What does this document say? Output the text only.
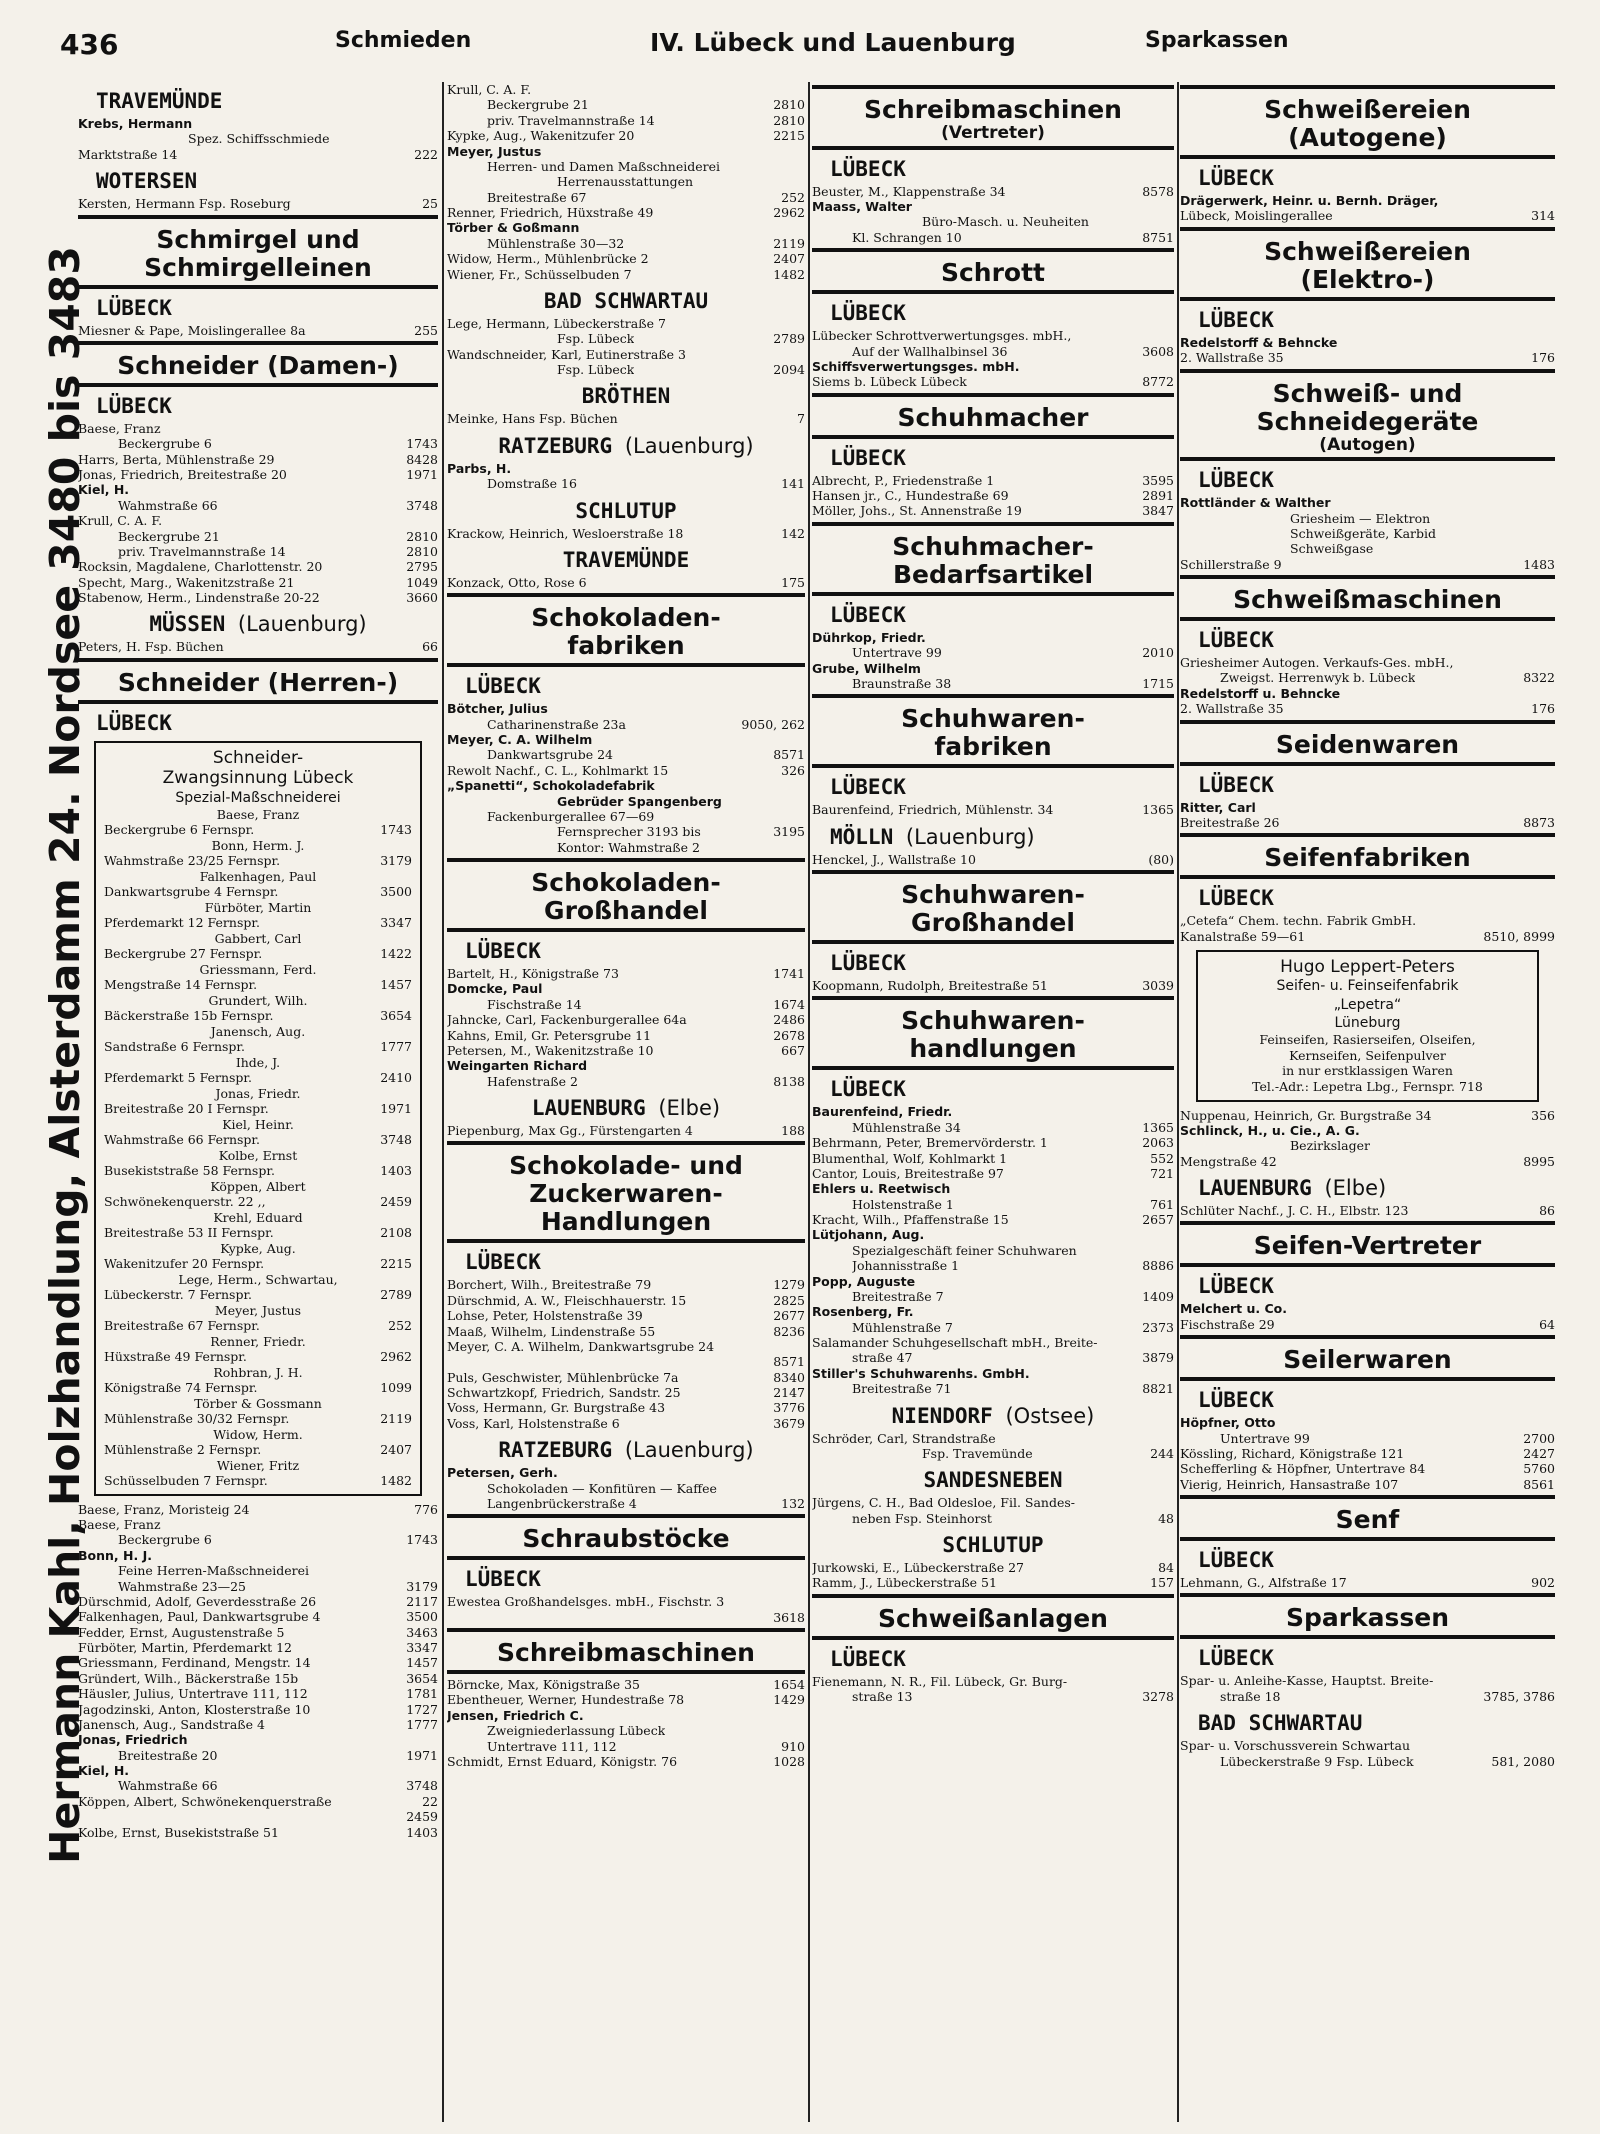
436	Schmieden	IV. Lübeck und Lauenburg	Sparkassen
Hermann Kahl, Holzhandlung, Alsterdamm 24. Nordsee 3480 bis 3483
TRAVEMÜNDE
Krebs, Hermann
Spez. Schiffsschmiede
Marktstraße 14	222
WOTERSEN
Kersten, Hermann Fsp. Roseburg	25
Schmirgel und
Schmirgelleinen
LÜBECK
Miesner & Pape, Moislingerallee 8a	255
Schneider (Damen-)
LÜBECK
Baese, Franz
Beckergrube 6	1743
Harrs, Berta, Mühlenstraße 29	8428
Jonas, Friedrich, Breitestraße 20	1971
Kiel, H.
Wahmstraße 66	3748
Krull, C. A. F.
Beckergrube 21	2810
priv. Travelmannstraße 14	2810
Rocksin, Magdalene, Charlottenstr. 20	2795
Specht, Marg., Wakenitzstraße 21	1049
Stabenow, Herm., Lindenstraße 20-22	3660
MÜSSEN (Lauenburg)
Peters, H. Fsp. Büchen	66
Schneider (Herren-)
LÜBECK
Schneider-
Zwangsinnung Lübeck
Spezial-Maßschneiderei
Baese, Franz
Beckergrube 6 Fernspr.	1743
Bonn, Herm. J.
Wahmstraße 23/25 Fernspr.	3179
Falkenhagen, Paul
Dankwartsgrube 4 Fernspr.	3500
Fürböter, Martin
Pferdemarkt 12 Fernspr.	3347
Gabbert, Carl
Beckergrube 27 Fernspr.	1422
Griessmann, Ferd.
Mengstraße 14 Fernspr.	1457
Grundert, Wilh.
Bäckerstraße 15b Fernspr.	3654
Janensch, Aug.
Sandstraße 6 Fernspr.	1777
Ihde, J.
Pferdemarkt 5 Fernspr.	2410
Jonas, Friedr.
Breitestraße 20 I Fernspr.	1971
Kiel, Heinr.
Wahmstraße 66 Fernspr.	3748
Kolbe, Ernst
Busekiststraße 58 Fernspr.	1403
Köppen, Albert
Schwönekenquerstr. 22 ,,	2459
Krehl, Eduard
Breitestraße 53 II Fernspr.	2108
Kypke, Aug.
Wakenitzufer 20 Fernspr.	2215
Lege, Herm., Schwartau,
Lübeckerstr. 7 Fernspr.	2789
Meyer, Justus
Breitestraße 67 Fernspr.	252
Renner, Friedr.
Hüxstraße 49 Fernspr.	2962
Rohbran, J. H.
Königstraße 74 Fernspr.	1099
Törber & Gossmann
Mühlenstraße 30/32 Fernspr.	2119
Widow, Herm.
Mühlenstraße 2 Fernspr.	2407
Wiener, Fritz
Schüsselbuden 7 Fernspr.	1482
Baese, Franz, Moristeig 24	776
Baese, Franz
Beckergrube 6	1743
Bonn, H. J.
Feine Herren-Maßschneiderei
Wahmstraße 23—25	3179
Dürschmid, Adolf, Geverdesstraße 26	2117
Falkenhagen, Paul, Dankwartsgrube 4	3500
Fedder, Ernst, Augustenstraße 5	3463
Fürböter, Martin, Pferdemarkt 12	3347
Griessmann, Ferdinand, Mengstr. 14	1457
Gründert, Wilh., Bäckerstraße 15b	3654
Häusler, Julius, Untertrave 111, 112	1781
Jagodzinski, Anton, Klosterstraße 10	1727
Janensch, Aug., Sandstraße 4	1777
Jonas, Friedrich
Breitestraße 20	1971
Kiel, H.
Wahmstraße 66	3748
Köppen, Albert, Schwönekenquerstraße	22
2459
Kolbe, Ernst, Busekiststraße 51	1403
Krull, C. A. F.
Beckergrube 21	2810
priv. Travelmannstraße 14	2810
Kypke, Aug., Wakenitzufer 20	2215
Meyer, Justus
Herren- und Damen Maßschneiderei
Herrenausstattungen
Breitestraße 67	252
Renner, Friedrich, Hüxstraße 49	2962
Törber & Goßmann
Mühlenstraße 30—32	2119
Widow, Herm., Mühlenbrücke 2	2407
Wiener, Fr., Schüsselbuden 7	1482
BAD SCHWARTAU
Lege, Hermann, Lübeckerstraße 7
Fsp. Lübeck	2789
Wandschneider, Karl, Eutinerstraße 3
Fsp. Lübeck	2094
BRÖTHEN
Meinke, Hans Fsp. Büchen	7
RATZEBURG (Lauenburg)
Parbs, H.
Domstraße 16	141
SCHLUTUP
Krackow, Heinrich, Wesloerstraße 18	142
TRAVEMÜNDE
Konzack, Otto, Rose 6	175
Schokoladen-
fabriken
LÜBECK
Bötcher, Julius
Catharinenstraße 23a	9050, 262
Meyer, C. A. Wilhelm
Dankwartsgrube 24	8571
Rewolt Nachf., C. L., Kohlmarkt 15	326
„Spanetti“, Schokoladefabrik
Gebrüder Spangenberg
Fackenburgerallee 67—69
Fernsprecher 3193 bis	3195
Kontor: Wahmstraße 2
Schokoladen-
Großhandel
LÜBECK
Bartelt, H., Königstraße 73	1741
Domcke, Paul
Fischstraße 14	1674
Jahncke, Carl, Fackenburgerallee 64a	2486
Kahns, Emil, Gr. Petersgrube 11	2678
Petersen, M., Wakenitzstraße 10	667
Weingarten Richard
Hafenstraße 2	8138
LAUENBURG (Elbe)
Piepenburg, Max Gg., Fürstengarten 4	188
Schokolade- und
Zuckerwaren-
Handlungen
LÜBECK
Borchert, Wilh., Breitestraße 79	1279
Dürschmid, A. W., Fleischhauerstr. 15	2825
Lohse, Peter, Holstenstraße 39	2677
Maaß, Wilhelm, Lindenstraße 55	8236
Meyer, C. A. Wilhelm, Dankwartsgrube 24
8571
Puls, Geschwister, Mühlenbrücke 7a	8340
Schwartzkopf, Friedrich, Sandstr. 25	2147
Voss, Hermann, Gr. Burgstraße 43	3776
Voss, Karl, Holstenstraße 6	3679
RATZEBURG (Lauenburg)
Petersen, Gerh.
Schokoladen — Konfitüren — Kaffee
Langenbrückerstraße 4	132
Schraubstöcke
LÜBECK
Ewestea Großhandelsges. mbH., Fischstr. 3
3618
Schreibmaschinen
Börncke, Max, Königstraße 35	1654
Ebentheuer, Werner, Hundestraße 78	1429
Jensen, Friedrich C.
Zweigniederlassung Lübeck
Untertrave 111, 112	910
Schmidt, Ernst Eduard, Königstr. 76	1028
Schreibmaschinen
(Vertreter)
LÜBECK
Beuster, M., Klappenstraße 34	8578
Maass, Walter
Büro-Masch. u. Neuheiten
Kl. Schrangen 10	8751
Schrott
LÜBECK
Lübecker Schrottverwertungsges. mbH.,
Auf der Wallhalbinsel 36	3608
Schiffsverwertungsges. mbH.
Siems b. Lübeck Lübeck	8772
Schuhmacher
LÜBECK
Albrecht, P., Friedenstraße 1	3595
Hansen jr., C., Hundestraße 69	2891
Möller, Johs., St. Annenstraße 19	3847
Schuhmacher-
Bedarfsartikel
LÜBECK
Dührkop, Friedr.
Untertrave 99	2010
Grube, Wilhelm
Braunstraße 38	1715
Schuhwaren-
fabriken
LÜBECK
Baurenfeind, Friedrich, Mühlenstr. 34	1365
MÖLLN (Lauenburg)
Henckel, J., Wallstraße 10	(80)
Schuhwaren-
Großhandel
LÜBECK
Koopmann, Rudolph, Breitestraße 51	3039
Schuhwaren-
handlungen
LÜBECK
Baurenfeind, Friedr.
Mühlenstraße 34	1365
Behrmann, Peter, Bremervörderstr. 1	2063
Blumenthal, Wolf, Kohlmarkt 1	552
Cantor, Louis, Breitestraße 97	721
Ehlers u. Reetwisch
Holstenstraße 1	761
Kracht, Wilh., Pfaffenstraße 15	2657
Lütjohann, Aug.
Spezialgeschäft feiner Schuhwaren
Johannisstraße 1	8886
Popp, Auguste
Breitestraße 7	1409
Rosenberg, Fr.
Mühlenstraße 7	2373
Salamander Schuhgesellschaft mbH., Breite-
straße 47	3879
Stiller's Schuhwarenhs. GmbH.
Breitestraße 71	8821
NIENDORF (Ostsee)
Schröder, Carl, Strandstraße
Fsp. Travemünde	244
SANDESNEBEN
Jürgens, C. H., Bad Oldesloe, Fil. Sandes-
neben Fsp. Steinhorst	48
SCHLUTUP
Jurkowski, E., Lübeckerstraße 27	84
Ramm, J., Lübeckerstraße 51	157
Schweißanlagen
LÜBECK
Fienemann, N. R., Fil. Lübeck, Gr. Burg-
straße 13	3278
Schweißereien
(Autogene)
LÜBECK
Drägerwerk, Heinr. u. Bernh. Dräger,
Lübeck, Moislingerallee	314
Schweißereien
(Elektro-)
LÜBECK
Redelstorff & Behncke
2. Wallstraße 35	176
Schweiß- und
Schneidegeräte
(Autogen)
LÜBECK
Rottländer & Walther
Griesheim — Elektron
Schweißgeräte, Karbid
Schweißgase
Schillerstraße 9	1483
Schweißmaschinen
LÜBECK
Griesheimer Autogen. Verkaufs-Ges. mbH.,
Zweigst. Herrenwyk b. Lübeck	8322
Redelstorff u. Behncke
2. Wallstraße 35	176
Seidenwaren
LÜBECK
Ritter, Carl
Breitestraße 26	8873
Seifenfabriken
LÜBECK
„Cetefa“ Chem. techn. Fabrik GmbH.
Kanalstraße 59—61	8510, 8999
Hugo Leppert-Peters
Seifen- u. Feinseifenfabrik
„Lepetra“
Lüneburg
Feinseifen, Rasierseifen, Olseifen,
Kernseifen, Seifenpulver
in nur erstklassigen Waren
Tel.-Adr.: Lepetra Lbg., Fernspr. 718
Nuppenau, Heinrich, Gr. Burgstraße 34	356
Schlinck, H., u. Cie., A. G.
Bezirkslager
Mengstraße 42	8995
LAUENBURG (Elbe)
Schlüter Nachf., J. C. H., Elbstr. 123	86
Seifen-Vertreter
LÜBECK
Melchert u. Co.
Fischstraße 29	64
Seilerwaren
LÜBECK
Höpfner, Otto
Untertrave 99	2700
Kössling, Richard, Königstraße 121	2427
Schefferling & Höpfner, Untertrave 84	5760
Vierig, Heinrich, Hansastraße 107	8561
Senf
LÜBECK
Lehmann, G., Alfstraße 17	902
Sparkassen
LÜBECK
Spar- u. Anleihe-Kasse, Hauptst. Breite-
straße 18	3785, 3786
BAD SCHWARTAU
Spar- u. Vorschussverein Schwartau
Lübeckerstraße 9 Fsp. Lübeck	581, 2080
